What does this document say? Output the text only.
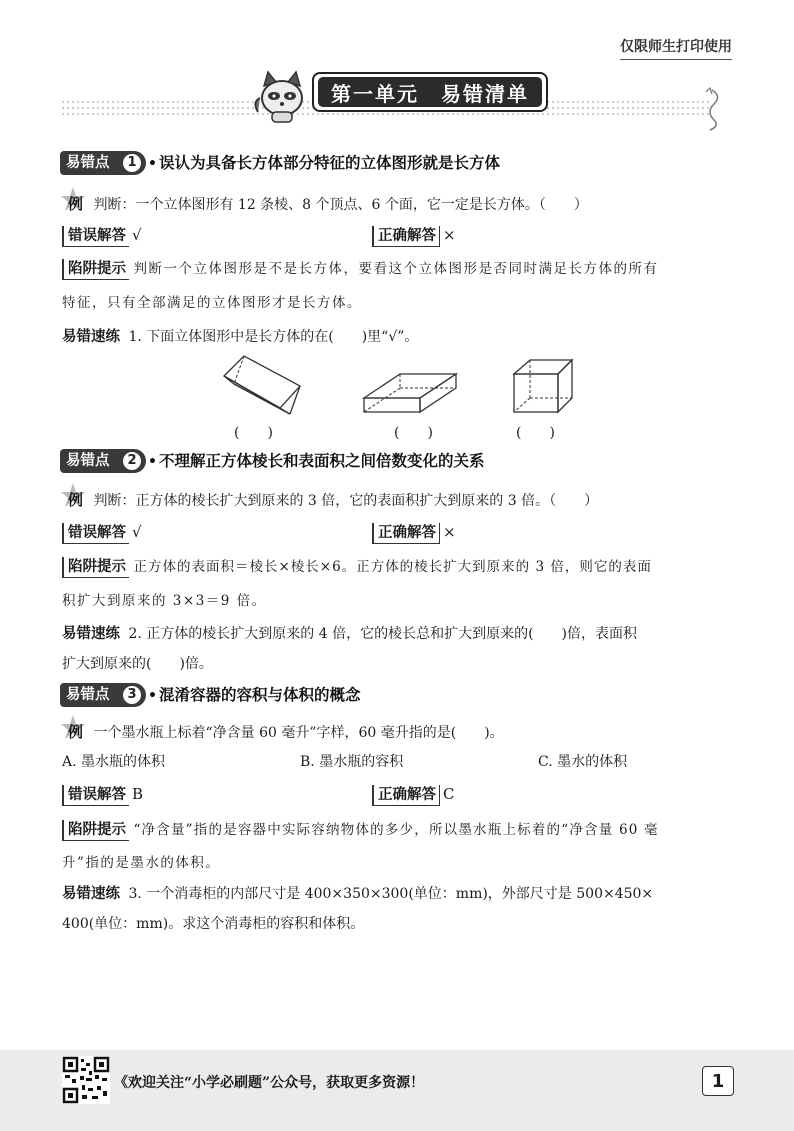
仅限师生打印使用
第一单元　易错清单
易错点	1	• 误认为具备长方体部分特征的立体图形就是长方体
例 判断：一个立体图形有 12 条棱、8 个顶点、6 个面，它一定是长方体。（　　）
错误解答 √	正确解答 ×
陷阱提示 判断一个立体图形是不是长方体，要看这个立体图形是否同时满足长方体的所有
特征，只有全部满足的立体图形才是长方体。
易错速练 1. 下面立体图形中是长方体的在(　　)里“√”。
(　　)	(　　)	(　　)
易错点	2	• 不理解正方体棱长和表面积之间倍数变化的关系
例 判断：正方体的棱长扩大到原来的 3 倍，它的表面积扩大到原来的 3 倍。（　　）
错误解答 √	正确解答 ×
陷阱提示 正方体的表面积＝棱长×棱长×6。正方体的棱长扩大到原来的 3 倍，则它的表面
积扩大到原来的 3×3＝9 倍。
易错速练 2. 正方体的棱长扩大到原来的 4 倍，它的棱长总和扩大到原来的(　　)倍，表面积
扩大到原来的(　　)倍。
易错点	3	• 混淆容器的容积与体积的概念
例 一个墨水瓶上标着“净含量 60 毫升”字样，60 毫升指的是(　　)。
A. 墨水瓶的体积	B. 墨水瓶的容积	C. 墨水的体积
错误解答 B	正确解答 C
陷阱提示 “净含量”指的是容器中实际容纳物体的多少，所以墨水瓶上标着的“净含量 60 毫
升”指的是墨水的体积。
易错速练 3. 一个消毒柜的内部尺寸是 400×350×300(单位：mm)，外部尺寸是 500×450×
400(单位：mm)。求这个消毒柜的容积和体积。
《欢迎关注“小学必刷题”公众号，获取更多资源！	1
